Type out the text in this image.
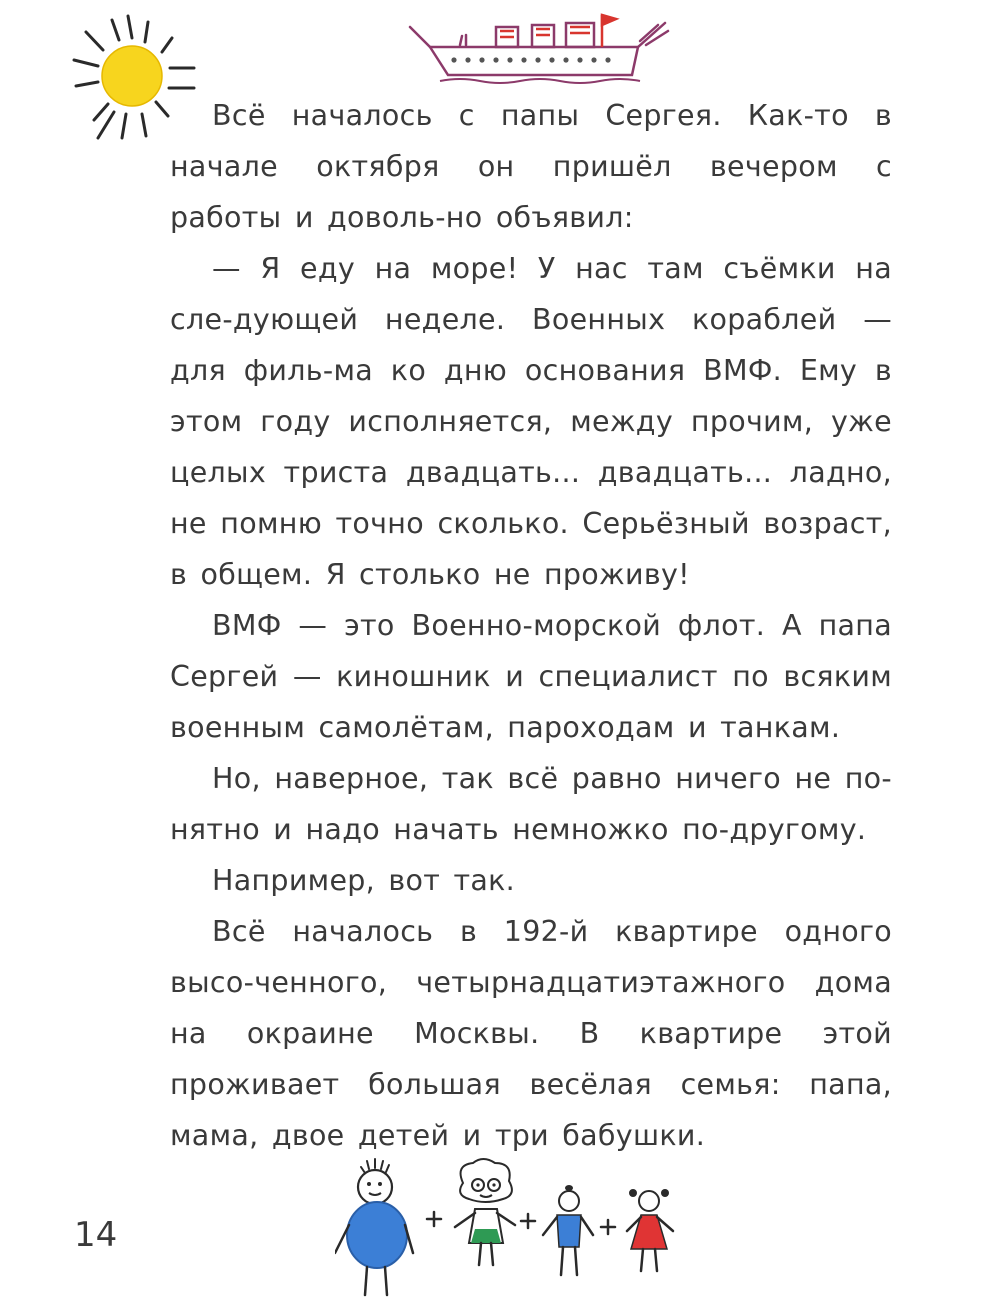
Всё началось с папы Сергея. Как-то в начале октября он пришёл вечером с работы и доволь-но объявил:

— Я еду на море! У нас там съёмки на сле-дующей неделе. Военных кораблей — для филь-ма ко дню основания ВМФ. Ему в этом году исполняется, между прочим, уже целых триста двадцать... двадцать... ладно, не помню точно сколько. Серьёзный возраст, в общем. Я столько не проживу!

ВМФ — это Военно-морской флот. А папа Сергей — киношник и специалист по всяким военным самолётам, пароходам и танкам.

Но, наверное, так всё равно ничего не по-нятно и надо начать немножко по-другому.

Например, вот так.

Всё началось в 192-й квартире одного высо-ченного, четырнадцатиэтажного дома на окраине Москвы. В квартире этой проживает большая весёлая семья: папа, мама, двое детей и три бабушки.

14
